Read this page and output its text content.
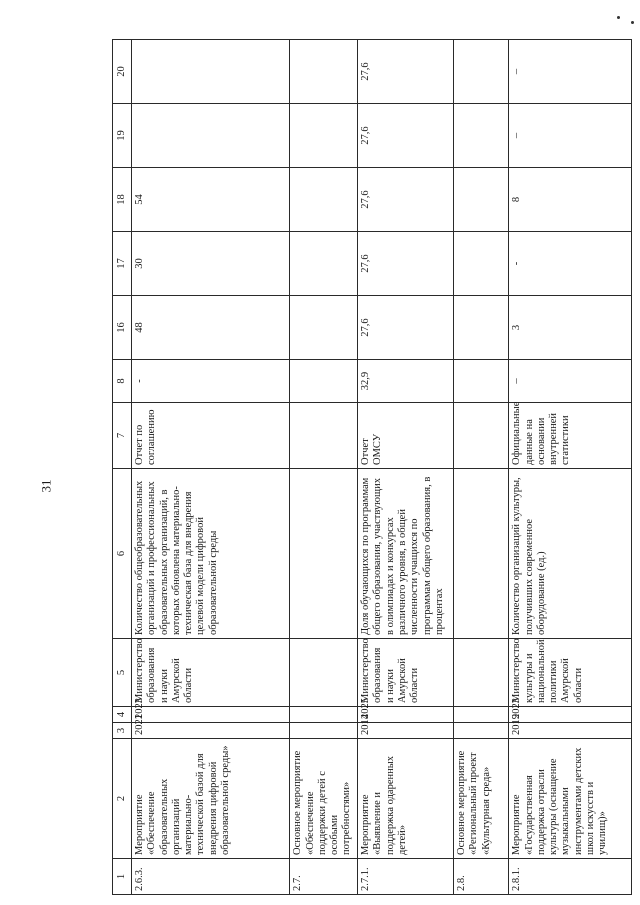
31
1	2	3	4	5	6	7	8	16	17	18	19	20
2.6.3.	Мероприятие «Обеспечение образовательных организаций материально-технической базой для внедрения цифровой образовательной среды»	2021	2023	Министерство образования и науки Амурской области	Количество общеобразовательных организаций и профессиональных образовательных организаций, в которых обновлена материально-техническая база для внедрения целевой модели цифровой образовательной среды	Отчет по соглашению	-	48	30	54		
2.7.	Основное мероприятие «Обеспечение поддержки детей с особыми потребностями»											
2.7.1.	Мероприятие «Выявление и поддержка одаренных детей»	2014	2025	Министерство образования и науки Амурской области	Доля обучающихся по программам общего образования, участвующих в олимпиадах и конкурсах различного уровня, в общей численности учащихся по программам общего образования, в процентах	Отчет ОМСУ	32,9	27,6	27,6	27,6	27,6	27,6
2.8.	Основное мероприятие «Региональный проект «Культурная среда»											
2.8.1.	Мероприятие «Государственная поддержка отрасли культуры (оснащение музыкальными инструментами детских школ искусств и училищ)»	2019	2023	Министерство культуры и национальной политики Амурской области	Количество организаций культуры, получивших современное оборудование (ед.)	Официальные данные на основании внутренней статистики	–	3	-	8	–	–
